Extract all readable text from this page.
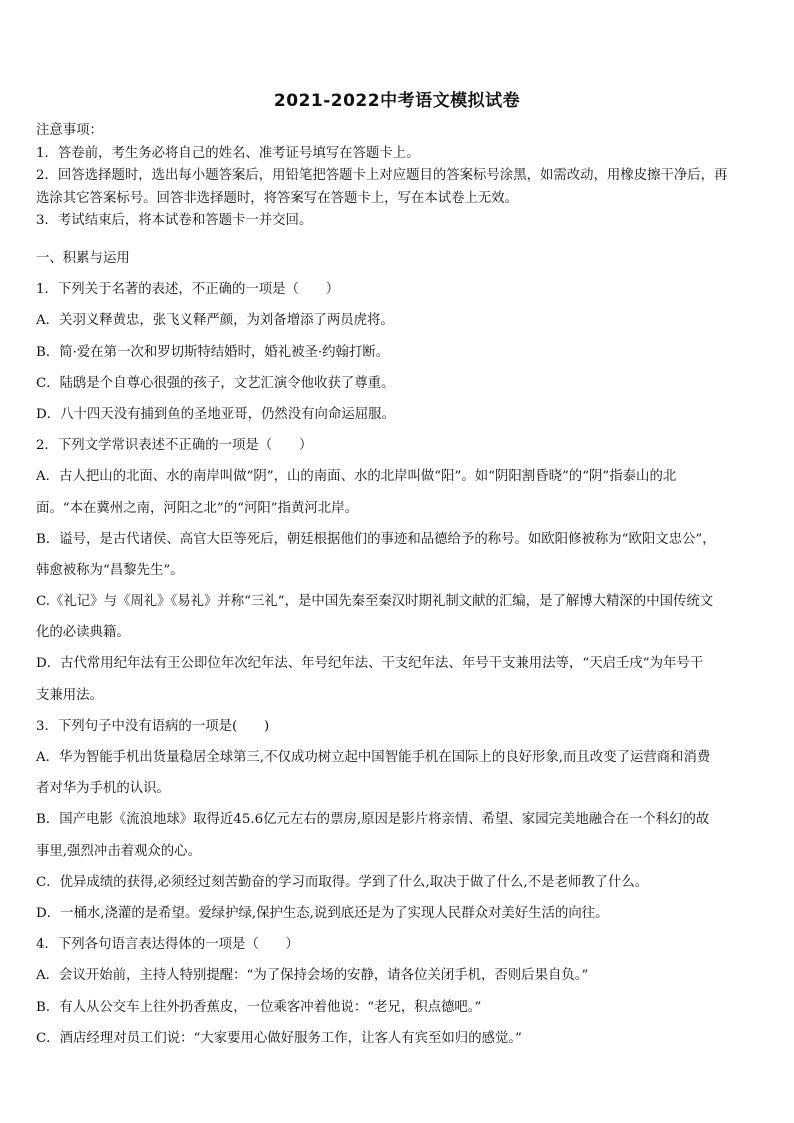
2021-2022中考语文模拟试卷
注意事项：
1．答卷前，考生务必将自己的姓名、准考证号填写在答题卡上。
2．回答选择题时，选出每小题答案后，用铅笔把答题卡上对应题目的答案标号涂黑，如需改动，用橡皮擦干净后，再
选涂其它答案标号。回答非选择题时，将答案写在答题卡上，写在本试卷上无效。
3．考试结束后，将本试卷和答题卡一并交回。
一、积累与运用
1．下列关于名著的表述，不正确的一项是（　　）
A．关羽义释黄忠，张飞义释严颜，为刘备增添了两员虎将。
B．简·爱在第一次和罗切斯特结婚时，婚礼被圣·约翰打断。
C．陆鸱是个自尊心很强的孩子，文艺汇演令他收获了尊重。
D．八十四天没有捕到鱼的圣地亚哥，仍然没有向命运屈服。
2．下列文学常识表述不正确的一项是（　　）
A．古人把山的北面、水的南岸叫做“阴”，山的南面、水的北岸叫做“阳”。如“阴阳割昏晓”的“阴”指泰山的北
面。“本在冀州之南，河阳之北”的“河阳”指黄河北岸。
B．谥号，是古代诸侯、高官大臣等死后，朝廷根据他们的事迹和品德给予的称号。如欧阳修被称为“欧阳文忠公”，
韩愈被称为“昌黎先生”。
C.《礼记》与《周礼》《易礼》并称“三礼”，是中国先秦至秦汉时期礼制文献的汇编，是了解博大精深的中国传统文
化的必读典籍。
D．古代常用纪年法有王公即位年次纪年法、年号纪年法、干支纪年法、年号干支兼用法等，“天启壬戌”为年号干
支兼用法。
3．下列句子中没有语病的一项是(　　)
A．华为智能手机出货量稳居全球第三,不仅成功树立起中国智能手机在国际上的良好形象,而且改变了运营商和消费
者对华为手机的认识。
B．国产电影《流浪地球》取得近45.6亿元左右的票房,原因是影片将亲情、希望、家园完美地融合在一个科幻的故
事里,强烈冲击着观众的心。
C．优异成绩的获得,必须经过刻苦勤奋的学习而取得。学到了什么,取决于做了什么,不是老师教了什么。
D．一桶水,浇灌的是希望。爱绿护绿,保护生态,说到底还是为了实现人民群众对美好生活的向往。
4．下列各句语言表达得体的一项是（　　）
A．会议开始前，主持人特别提醒：“为了保持会场的安静，请各位关闭手机，否则后果自负。”
B．有人从公交车上往外扔香蕉皮，一位乘客冲着他说：“老兄，积点德吧。”
C．酒店经理对员工们说：“大家要用心做好服务工作，让客人有宾至如归的感觉。”
